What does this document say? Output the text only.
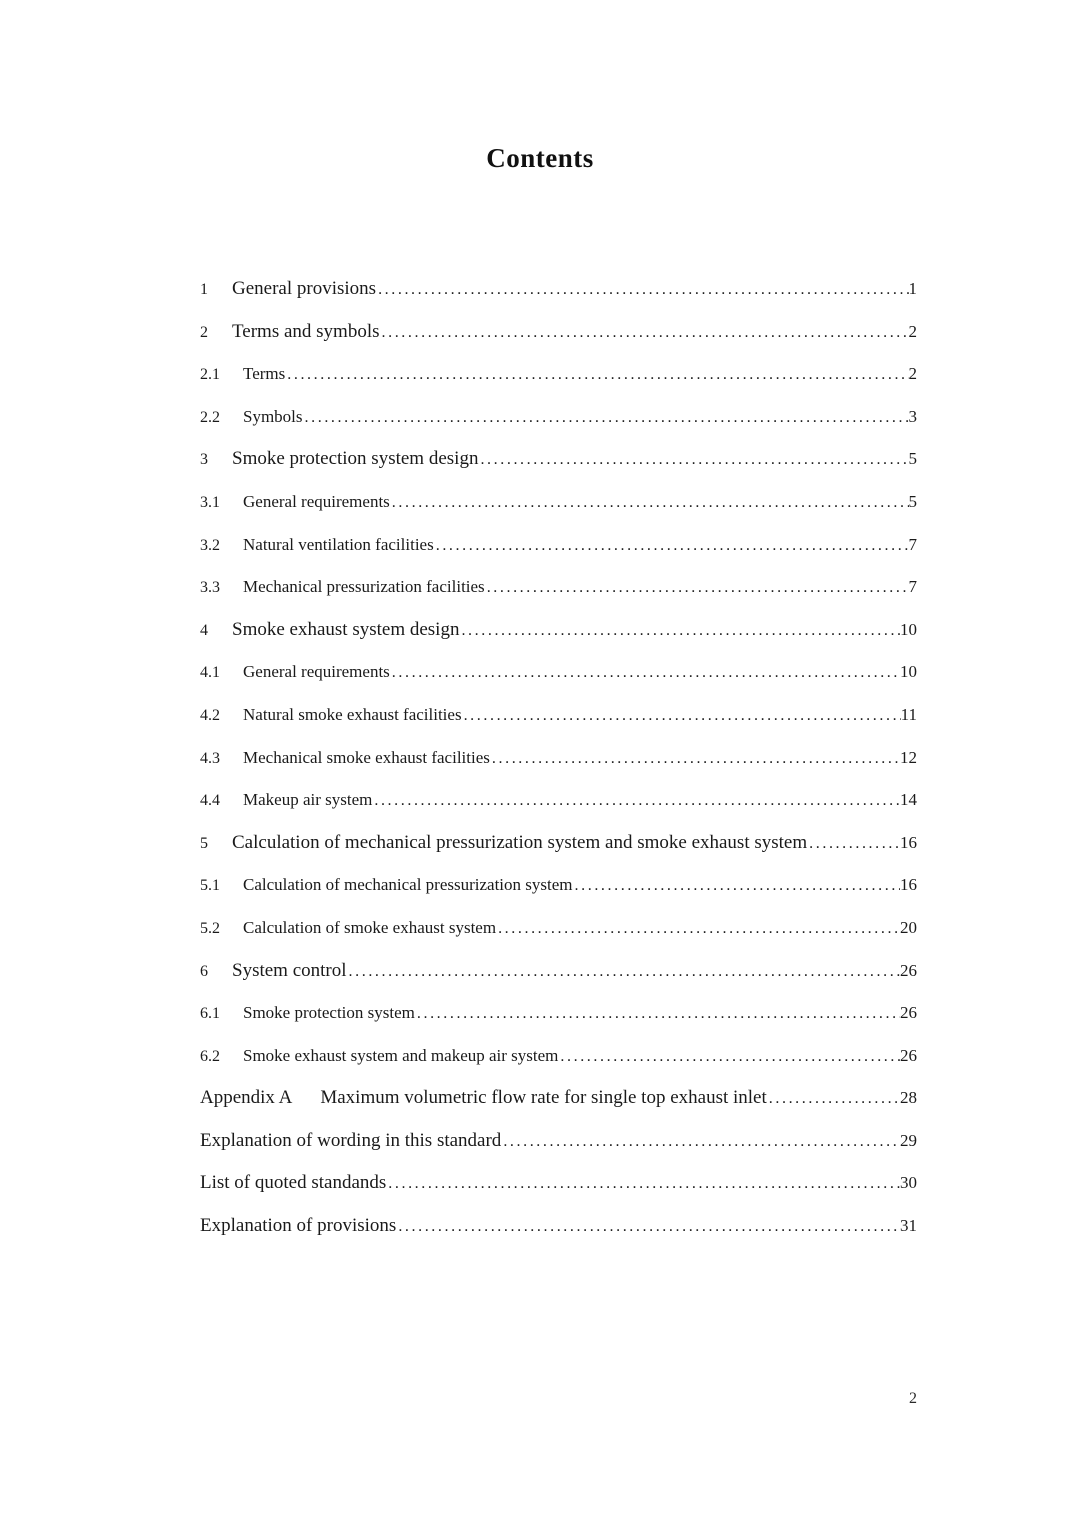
Contents
1	General provisions .....	1
2	Terms and symbols .....	2
2.1	Terms .....	2
2.2	Symbols .....	3
3	Smoke protection system design .....	5
3.1	General requirements .....	5
3.2	Natural ventilation facilities .....	7
3.3	Mechanical pressurization facilities .....	7
4	Smoke exhaust system design .....	10
4.1	General requirements .....	10
4.2	Natural smoke exhaust facilities .....	11
4.3	Mechanical smoke exhaust facilities .....	12
4.4	Makeup air system .....	14
5	Calculation of mechanical pressurization system and smoke exhaust system .....	16
5.1	Calculation of mechanical pressurization system .....	16
5.2	Calculation of smoke exhaust system .....	20
6	System control .....	26
6.1	Smoke protection system .....	26
6.2	Smoke exhaust system and makeup air system .....	26
Appendix A	Maximum volumetric flow rate for single top exhaust inlet .....	28
Explanation of wording in this standard .....	29
List of quoted standands .....	30
Explanation of provisions .....	31
2
